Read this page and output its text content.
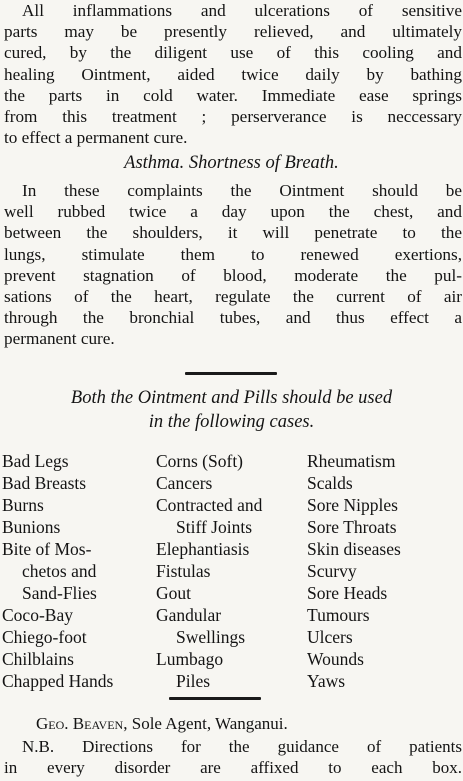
All inflammations and ulcerations of sensitive
parts may be presently relieved, and ultimately
cured, by the diligent use of this cooling and
healing Ointment, aided twice daily by bathing
the parts in cold water. Immediate ease springs
from this treatment ; perserverance is neccessary
to effect a permanent cure.
Asthma. Shortness of Breath.
In these complaints the Ointment should be
well rubbed twice a day upon the chest, and
between the shoulders, it will penetrate to the
lungs, stimulate them to renewed exertions,
prevent stagnation of blood, moderate the pul-
sations of the heart, regulate the current of air
through the bronchial tubes, and thus effect a
permanent cure.
Both the Ointment and Pills should be used
in the following cases.
Bad Legs
Bad Breasts
Burns
Bunions
Bite of Mos-
chetos and
Sand-Flies
Coco-Bay
Chiego-foot
Chilblains
Chapped Hands
Corns (Soft)
Cancers
Contracted and
Stiff Joints
Elephantiasis
Fistulas
Gout
Gandular
Swellings
Lumbago
Piles
Rheumatism
Scalds
Sore Nipples
Sore Throats
Skin diseases
Scurvy
Sore Heads
Tumours
Ulcers
Wounds
Yaws
Geo. Beaven, Sole Agent, Wanganui.
N.B. Directions for the guidance of patients
in every disorder are affixed to each box.
